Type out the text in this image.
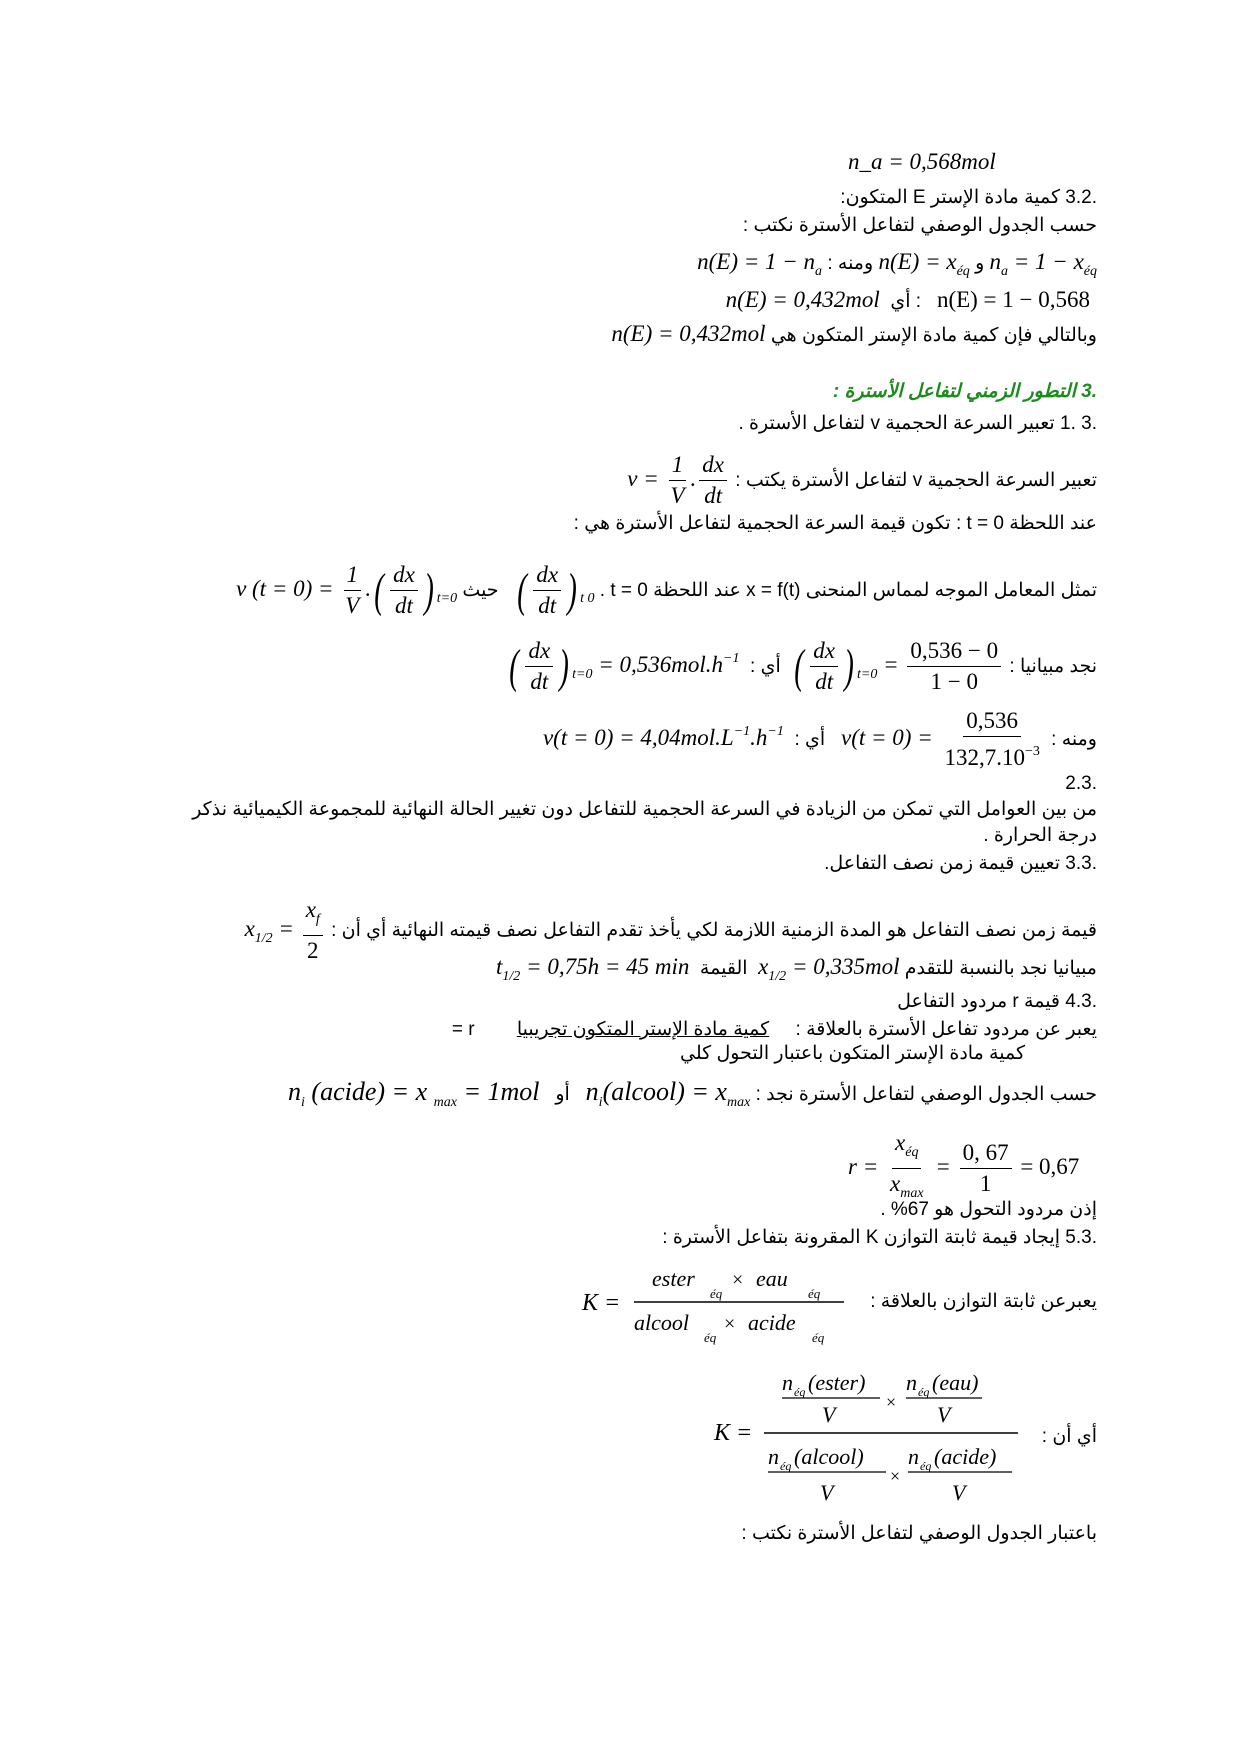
n_a = 0,568mol
.3.2 كمية مادة الإستر E المتكون:
حسب الجدول الوصفي لتفاعل الأسترة نكتب :
$n_a = 1 - x_{éq}$ و $n(E) = x_{éq}$ ومنه : $n(E) = 1 - n_a$
n(E) = 1 − 0,568   : أي  n(E) = 0,432mol
وبالتالي فإن كمية مادة الإستر المتكون هي n(E) = 0,432mol
.3 التطور الزمني لتفاعل الأسترة :
.3 .1 تعبير السرعة الحجمية v لتفاعل الأسترة .
تعبير السرعة الحجمية v لتفاعل الأسترة يكتب : $v = \frac{1}{V}$ . $\frac{dx}{dt}$
عند اللحظة t = 0 : تكون قيمة السرعة الحجمية لتفاعل الأسترة هي :
تمثل المعامل الموجه لمماس المنحنى x = f(t) عند اللحظة t = 0 . ( $\frac{dx}{dt}$ ) $_{t 0}$   حيث v $(t = 0) = \frac{1}{V}$ .( $\frac{dx}{dt}$ ) $_{t=0}$
نجد مبيانيا : ( $\frac{dx}{dt}$ ) $_{t=0} = \frac{0,536 - 0}{1 - 0}$
أي :  ( $\frac{dx}{dt}$ ) $_{t=0} = 0,536mol.h^{-1}$
ومنه : $v(t = 0) = \frac{0,536}{132,7.10^{-3}}$
أي :  $v(t = 0) = 4,04mol.L^{-1}.h^{-1}$
.2.3
من بين العوامل التي تمكن من الزيادة في السرعة الحجمية للتفاعل دون تغيير الحالة النهائية للمجموعة الكيميائية نذكر
درجة الحرارة .
.3.3 تعيين قيمة زمن نصف التفاعل.
قيمة زمن نصف التفاعل هو المدة الزمنية اللازمة لكي يأخذ تقدم التفاعل نصف قيمته النهائية أي أن : $x_{1/2} = \frac{x_f}{2}$
مبيانيا نجد بالنسبة للتقدم $x_{1/2} = 0,335mol$  القيمة  $t_{1/2} = 0,75h = 45$ min
.4.3 قيمة r مردود التفاعل
يعبر عن مردود تفاعل الأسترة بالعلاقة :     كمية مادة الإستر المتكون تجريبيا        r =
كمية مادة الإستر المتكون باعتبار التحول كلي
حسب الجدول الوصفي لتفاعل الأسترة نجد : $n_i(alcool) = x_{max}$   أو   $n_i$ (acide) = x $_{max}$ = 1mol
$r = \frac{x_{éq}}{x_{max}} = \frac{0, 67}{1} = 0,67$
إذن مردود التحول هو 67% .
.5.3 إيجاد قيمة ثابتة التوازن K المقرونة بتفاعل الأسترة :
يعبرعن ثابتة التوازن بالعلاقة :
K =
ester
éq
× eau
éq
alcool
éq
× acide
éq
أي أن :
K =
n éq (ester)
V	×
n éq (eau)
V
n éq (alcool)
V
×
n éq (acide)
V
باعتبار الجدول الوصفي لتفاعل الأسترة نكتب :
